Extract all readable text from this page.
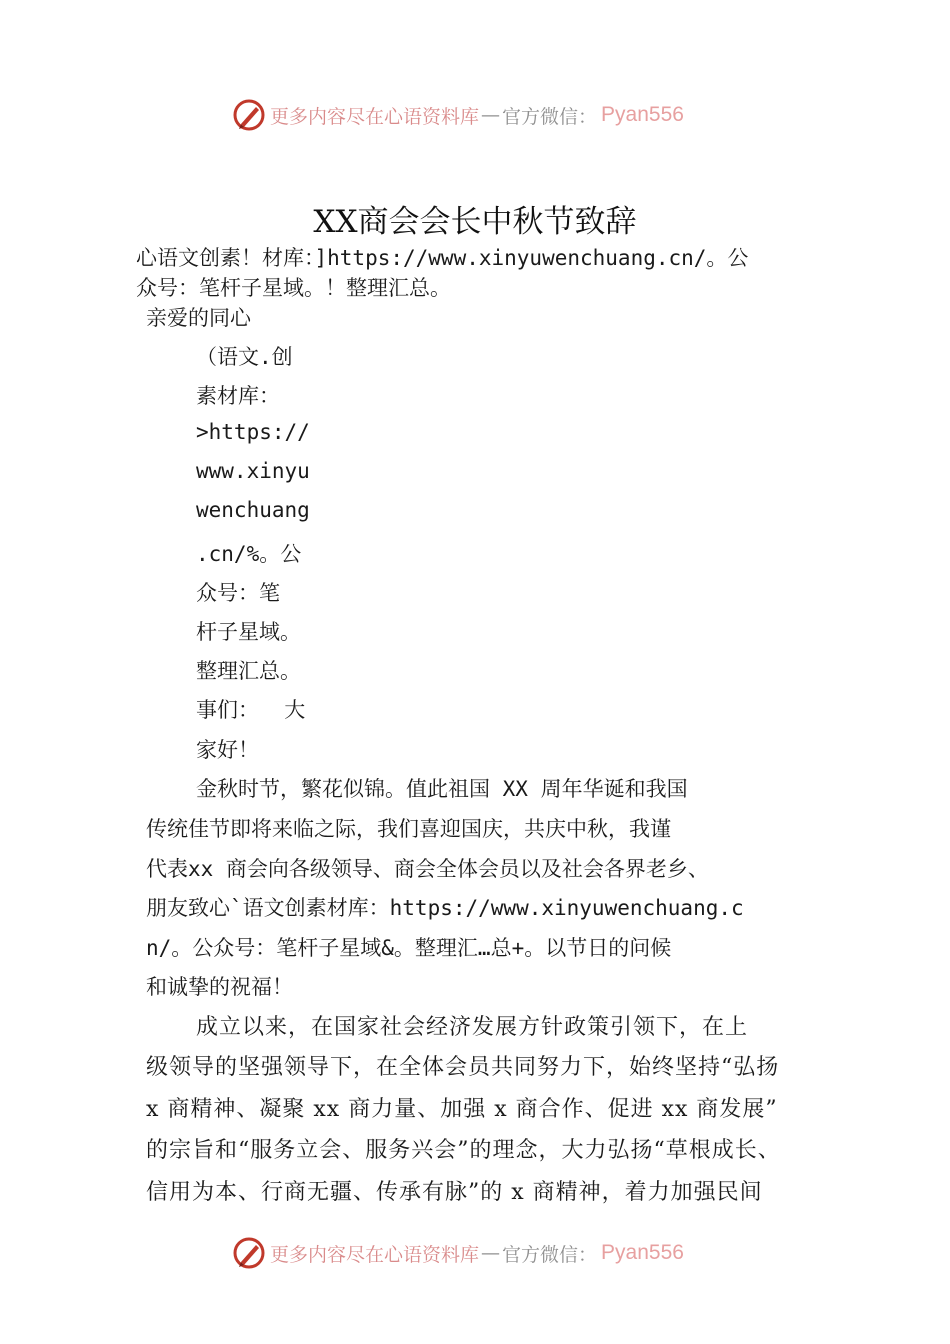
更多内容尽在心语资料库 — 官方微信： Pyan556
XX商会会长中秋节致辞
心语文创素！材库：]https://www.xinyuwenchuang.cn/。公
众号：笔杆子星域。！整理汇总。
亲爱的同心
（语文.创
素材库：
>https://
www.xinyu
wenchuang
.cn/%。公
众号：笔
杆子星域。
整理汇总。
事们：  大
家好！
金秋时节，繁花似锦。值此祖国 XX 周年华诞和我国
传统佳节即将来临之际，我们喜迎国庆，共庆中秋，我谨
代表xx 商会向各级领导、商会全体会员以及社会各界老乡、
朋友致心`语文创素材库：https://www.xinyuwenchuang.c
n/。公众号：笔杆子星域&。整理汇…总+。以节日的问候
和诚挚的祝福！
成立以来，在国家社会经济发展方针政策引领下，在上
级领导的坚强领导下，在全体会员共同努力下，始终坚持“弘扬
x 商精神、凝聚 xx 商力量、加强 x 商合作、促进 xx 商发展”
的宗旨和“服务立会、服务兴会”的理念，大力弘扬“草根成长、
信用为本、行商无疆、传承有脉”的 x 商精神，着力加强民间
更多内容尽在心语资料库 — 官方微信： Pyan556
